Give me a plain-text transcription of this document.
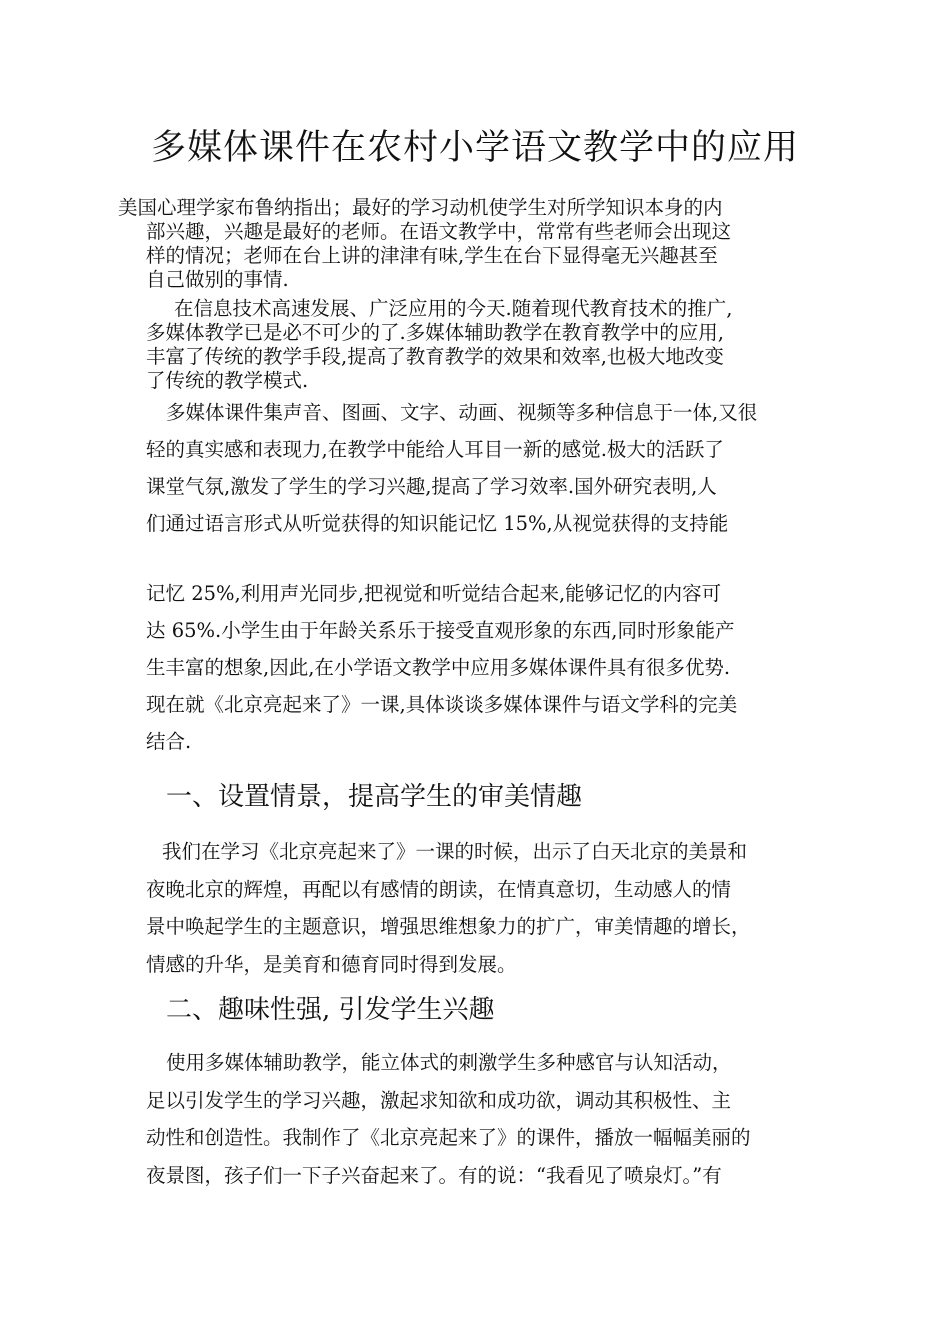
多媒体课件在农村小学语文教学中的应用
美国心理学家布鲁纳指出；最好的学习动机使学生对所学知识本身的内
部兴趣，兴趣是最好的老师。在语文教学中，常常有些老师会出现这
样的情况；老师在台上讲的津津有味,学生在台下显得毫无兴趣甚至
自己做别的事情.
在信息技术高速发展、广泛应用的今天.随着现代教育技术的推广,
多媒体教学已是必不可少的了.多媒体辅助教学在教育教学中的应用,
丰富了传统的教学手段,提高了教育教学的效果和效率,也极大地改变
了传统的教学模式.
多媒体课件集声音、图画、文字、动画、视频等多种信息于一体,又很
轻的真实感和表现力,在教学中能给人耳目一新的感觉.极大的活跃了
课堂气氛,激发了学生的学习兴趣,提高了学习效率.国外研究表明,人
们通过语言形式从听觉获得的知识能记忆 15%,从视觉获得的支持能
记忆 25%,利用声光同步,把视觉和听觉结合起来,能够记忆的内容可
达 65%.小学生由于年龄关系乐于接受直观形象的东西,同时形象能产
生丰富的想象,因此,在小学语文教学中应用多媒体课件具有很多优势.
现在就《北京亮起来了》一课,具体谈谈多媒体课件与语文学科的完美
结合.
一、设置情景，提高学生的审美情趣
我们在学习《北京亮起来了》一课的时候，出示了白天北京的美景和
夜晚北京的辉煌，再配以有感情的朗读，在情真意切，生动感人的情
景中唤起学生的主题意识，增强思维想象力的扩广，审美情趣的增长，
情感的升华，是美育和德育同时得到发展。
二、趣味性强, 引发学生兴趣
使用多媒体辅助教学，能立体式的刺激学生多种感官与认知活动，
足以引发学生的学习兴趣，激起求知欲和成功欲，调动其积极性、主
动性和创造性。我制作了《北京亮起来了》的课件，播放一幅幅美丽的
夜景图，孩子们一下子兴奋起来了。有的说：“我看见了喷泉灯。”有
